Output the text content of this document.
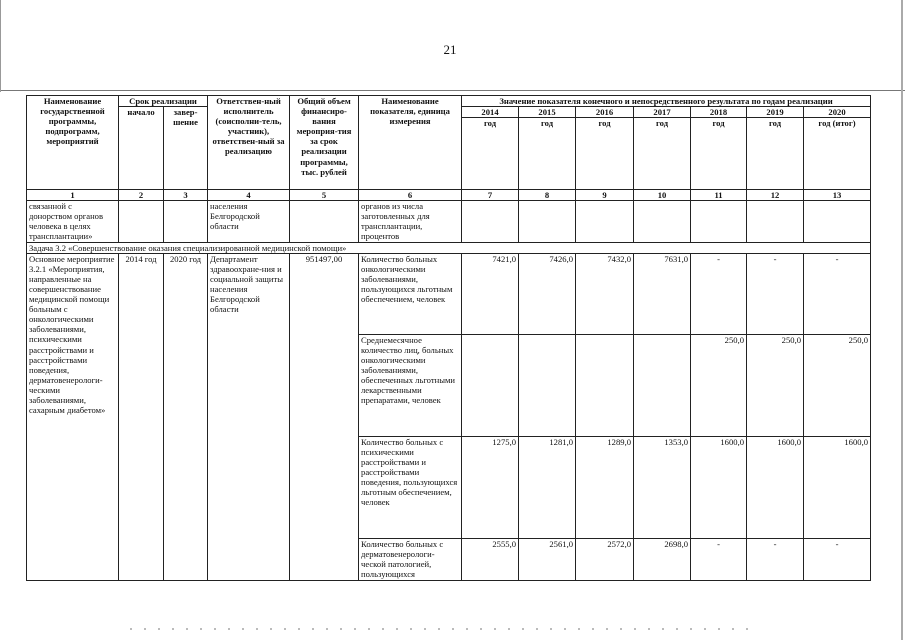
21
Наименование государственной программы, подпрограмм, мероприятий	Срок реализации		Ответствен-ный исполнитель (соисполни-тель, участник), ответствен-ный за реализацию	Общий объем финансиро-вания мероприя-тия за срок реализации программы, тыс. рублей	Наименование показателя, единица измерения	Значение показателя конечного и непосредственного результата по годам реализации						
	начало	завер-шение				2014	2015	2016	2017	2018	2019	2020
						год	год	год	год	год	год	год (итог)
1	2	3	4	5	6	7	8	9	10	11	12	13
связанной с донорством органов человека в целях трансплантации»			населения Белгородской области		органов из числа заготовленных для трансплантации, процентов							
Задача 3.2 «Совершенствование оказания специализированной медицинской помощи»												
Основное мероприятие 3.2.1 «Мероприятия, направленные на совершенствование медицинской помощи больным с онкологическими заболеваниями, психическими расстройствами и расстройствами поведения, дерматовенерологи-ческими заболеваниями, сахарным диабетом»	2014 год	2020 год	Департамент здравоохране-ния и социальной защиты населения Белгородской области	951497,00	Количество больных онкологическими заболеваниями, пользующихся льготным обеспечением, человек	7421,0	7426,0	7432,0	7631,0	-	-	-
					Среднемесячное количество лиц, больных онкологическими заболеваниями, обеспеченных льготными лекарственными препаратами, человек					250,0	250,0	250,0
					Количество больных с психическими расстройствами и расстройствами поведения, пользующихся льготным обеспечением, человек	1275,0	1281,0	1289,0	1353,0	1600,0	1600,0	1600,0
					Количество больных с дерматовенерологи-ческой патологией, пользующихся	2555,0	2561,0	2572,0	2698,0	-	-	-
